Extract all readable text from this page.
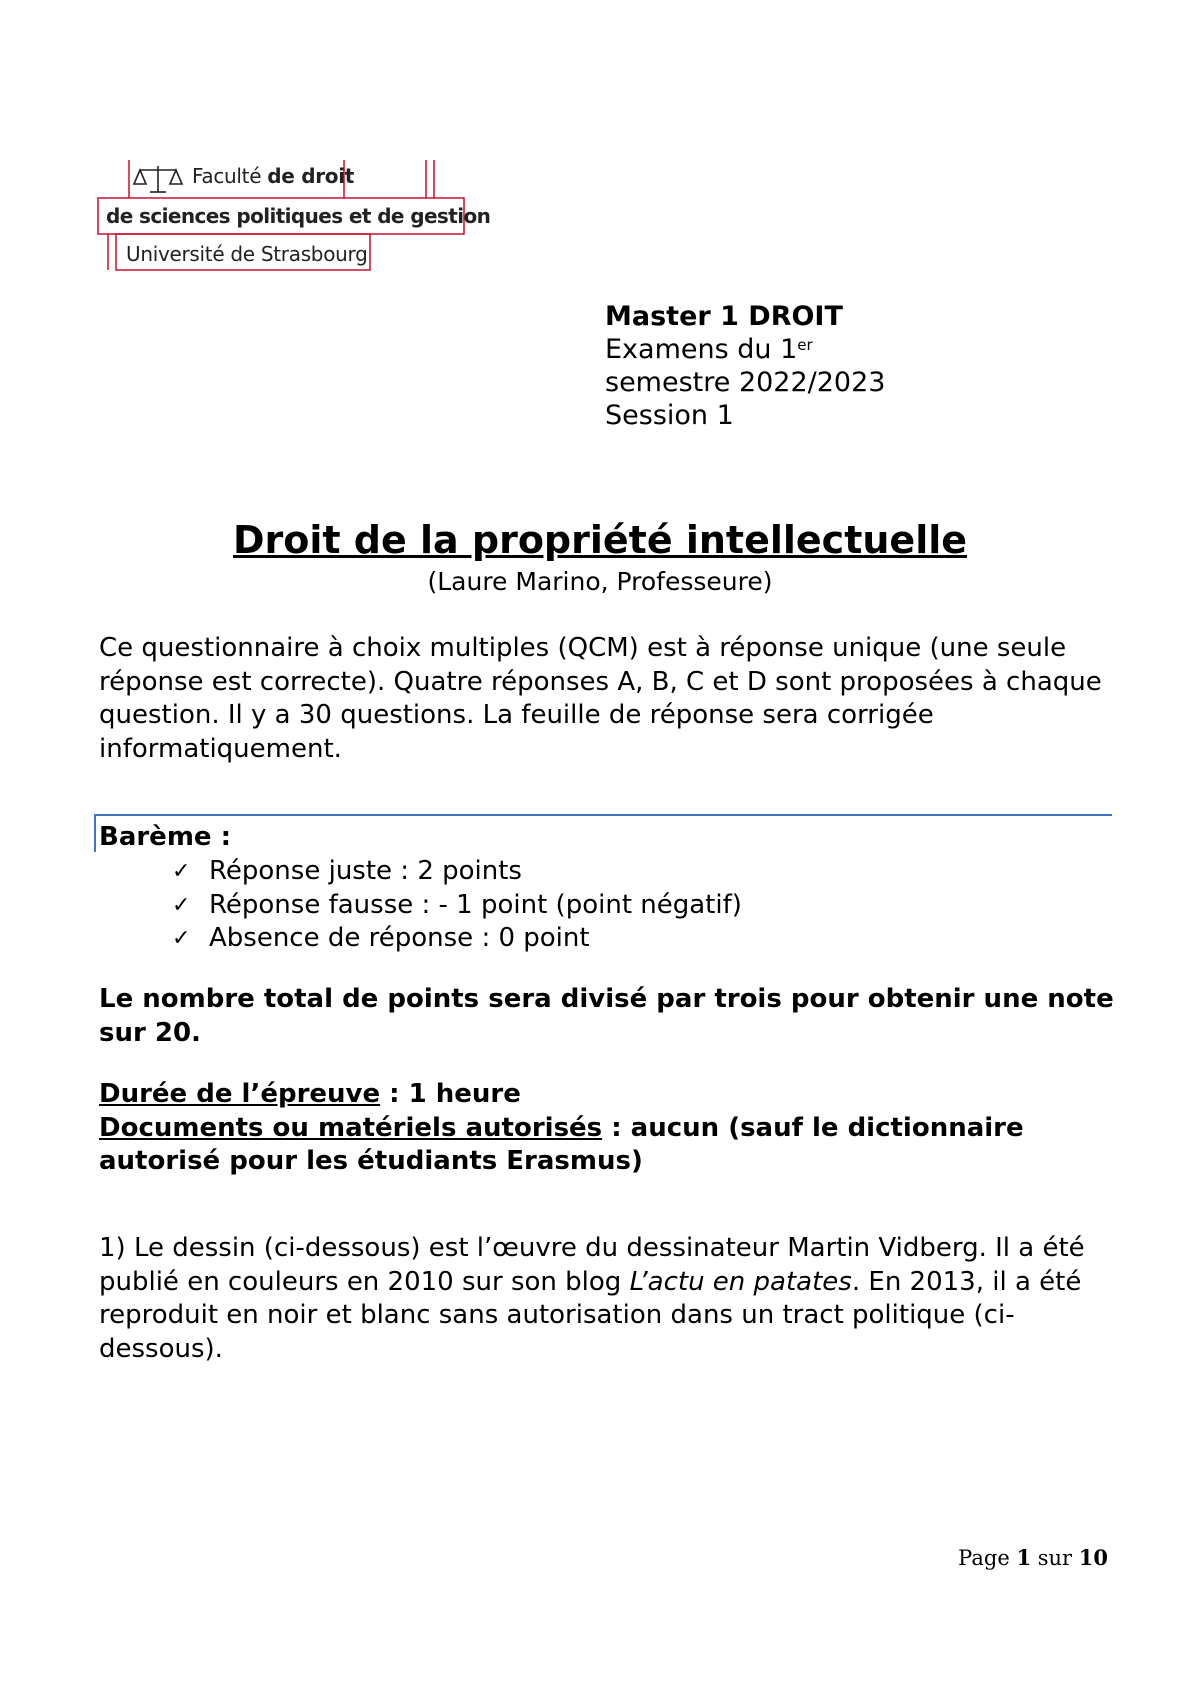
Faculté de droit
de sciences politiques et de gestion
Université de Strasbourg
Master 1 DROIT
Examens du 1er
semestre 2022/2023
Session 1
Droit de la propriété intellectuelle
(Laure Marino, Professeure)
Ce questionnaire à choix multiples (QCM) est à réponse unique (une seule réponse est correcte). Quatre réponses A, B, C et D sont proposées à chaque question. Il y a 30 questions. La feuille de réponse sera corrigée informatiquement.
Barème :
✓ Réponse juste : 2 points
✓ Réponse fausse : - 1 point (point négatif)
✓ Absence de réponse : 0 point
Le nombre total de points sera divisé par trois pour obtenir une note sur 20.
Durée de l’épreuve : 1 heure
Documents ou matériels autorisés : aucun (sauf le dictionnaire autorisé pour les étudiants Erasmus)
1) Le dessin (ci-dessous) est l’œuvre du dessinateur Martin Vidberg. Il a été publié en couleurs en 2010 sur son blog L’actu en patates. En 2013, il a été reproduit en noir et blanc sans autorisation dans un tract politique (ci-dessous).
Page 1 sur 10
